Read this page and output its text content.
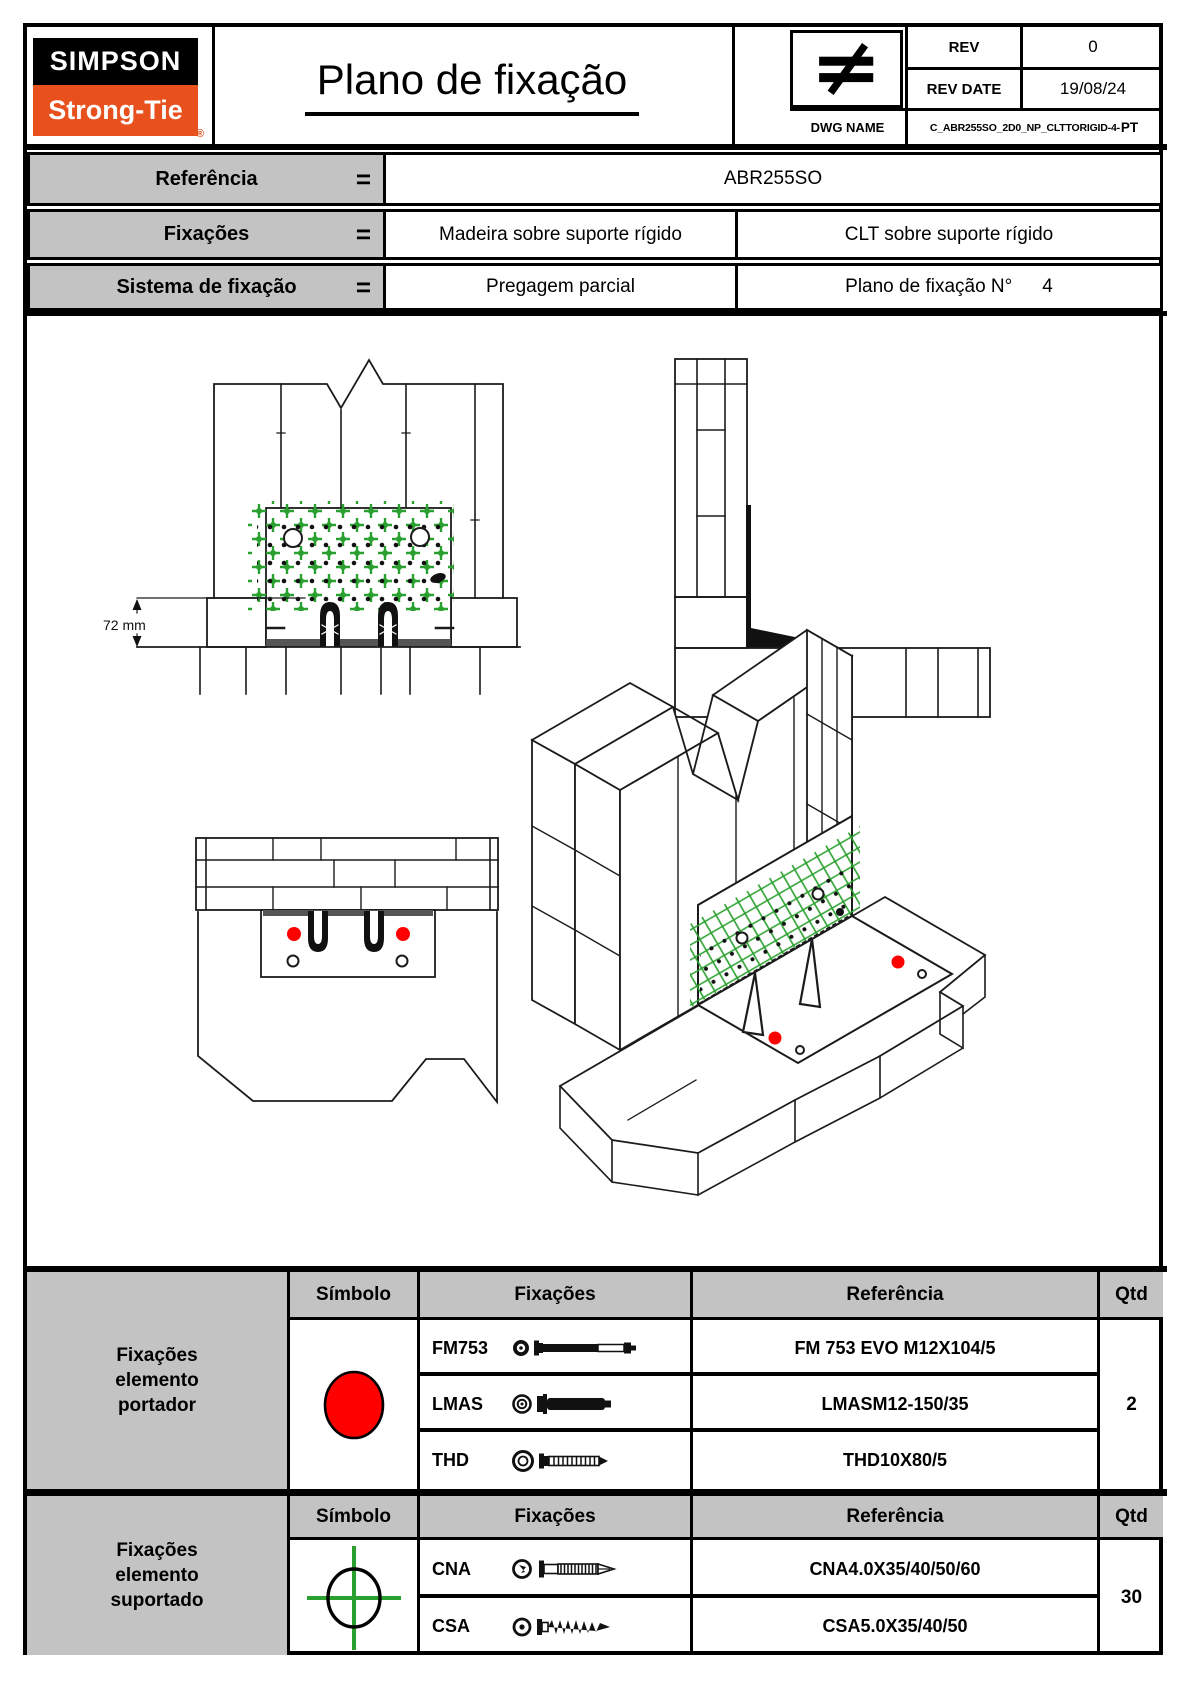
SIMPSON
Strong-Tie
®
Plano de fixação
REV	0
REV DATE	19/08/24
DWG NAME	C_ABR255SO_2D0_NP_CLTTORIGID-4- PT
Referência	=	ABR255SO
Fixações	=	Madeira sobre suporte rígido	CLT sobre suporte rígido
Sistema de fixação =	Pregagem parcial	Plano de fixação N° 4
72 mm
Fixações elemento portador
Símbolo	Fixações	Referência	Qtd
FM753	FM 753 EVO M12X104/5
LMAS	LMASM12-150/35
THD	THD10X80/5
2
Fixações elemento suportado
Símbolo	Fixações	Referência	Qtd
CNA	CNA4.0X35/40/50/60
CSA	CSA5.0X35/40/50
30
